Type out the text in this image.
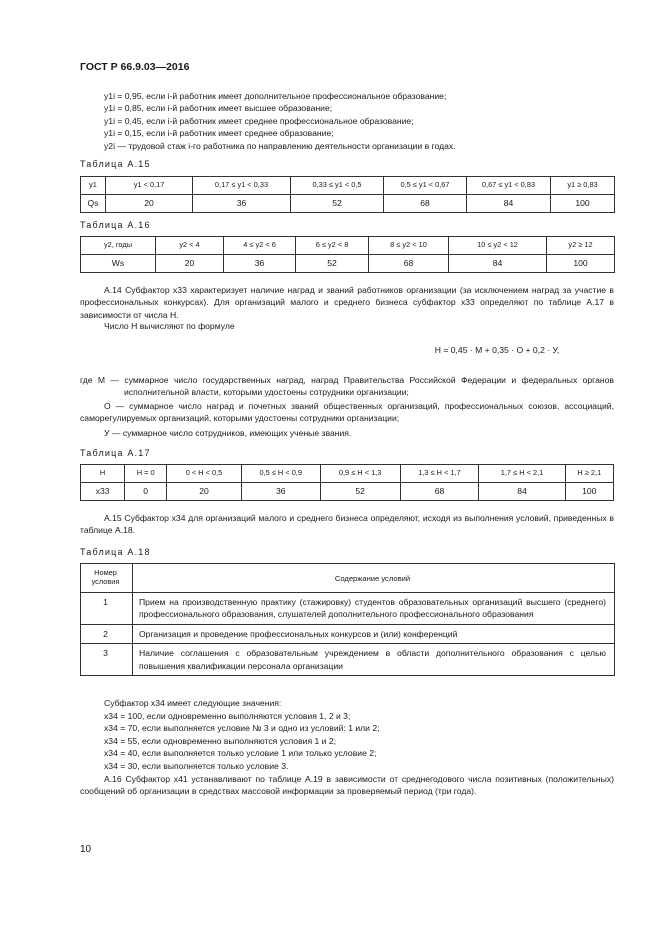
ГОСТ Р 66.9.03—2016
y1i = 0,95, если i-й работник имеет дополнительное профессиональное образование;
y1i = 0,85, если i-й работник имеет высшее образование;
y1i = 0,45, если i-й работник имеет среднее профессиональное образование;
y1i = 0,15, если i-й работник имеет среднее образование;
y2i — трудовой стаж i-го работника по направлению деятельности организации в годах.
Таблица А.15
y1	y1 < 0,17	0,17 ≤ y1 < 0,33	0,33 ≤ y1 < 0,5	0,5 ≤ y1 < 0,67	0,67 ≤ y1 < 0,83	y1 ≥ 0,83
Qs	20	36	52	68	84	100
Таблица А.16
y2, годы	y2 < 4	4 ≤ y2 < 6	6 ≤ y2 < 8	8 ≤ y2 < 10	10 ≤ y2 < 12	y2 ≥ 12
Ws	20	36	52	68	84	100
А.14 Субфактор x33 характеризует наличие наград и званий работников организации (за исключением наград за участие в профессиональных конкурсах). Для организаций малого и среднего бизнеса субфактор x33 определяют по таблице А.17 в зависимости от числа Н.
Число Н вычисляют по формуле
Н = 0,45 · М + 0,35 · О + 0,2 · У,
где М — суммарное число государственных наград, наград Правительства Российской Федерации и федеральных органов исполнительной власти, которыми удостоены сотрудники организации;
О — суммарное число наград и почетных званий общественных организаций, профессиональных союзов, ассоциаций, саморегулируемых организаций, которыми удостоены сотрудники организации;
У — суммарное число сотрудников, имеющих ученые звания.
Таблица А.17
Н	Н = 0	0 < Н < 0,5	0,5 ≤ Н < 0,9	0,9 ≤ Н < 1,3	1,3 ≤ Н < 1,7	1,7 ≤ Н < 2,1	Н ≥ 2,1
x33	0	20	36	52	68	84	100
А.15 Субфактор x34 для организаций малого и среднего бизнеса определяют, исходя из выполнения условий, приведенных в таблице А.18.
Таблица А.18
Номер условия	Содержание условий
1	Прием на производственную практику (стажировку) студентов образовательных организаций высшего (среднего) профессионального образования, слушателей дополнительного профессионального образования
2	Организация и проведение профессиональных конкурсов и (или) конференций
3	Наличие соглашения с образовательным учреждением в области дополнительного образования с целью повышения квалификации персонала организации
Субфактор x34 имеет следующие значения:
x34 = 100, если одновременно выполняются условия 1, 2 и 3;
x34 = 70, если выполняется условие № 3 и одно из условий: 1 или 2;
x34 = 55, если одновременно выполняются условия 1 и 2;
x34 = 40, если выполняется только условие 1 или только условие 2;
x34 = 30, если выполняется только условие 3.
А.16 Субфактор x41 устанавливают по таблице А.19 в зависимости от среднегодового числа позитивных (положительных) сообщений об организации в средствах массовой информации за проверяемый период (три года).
10
